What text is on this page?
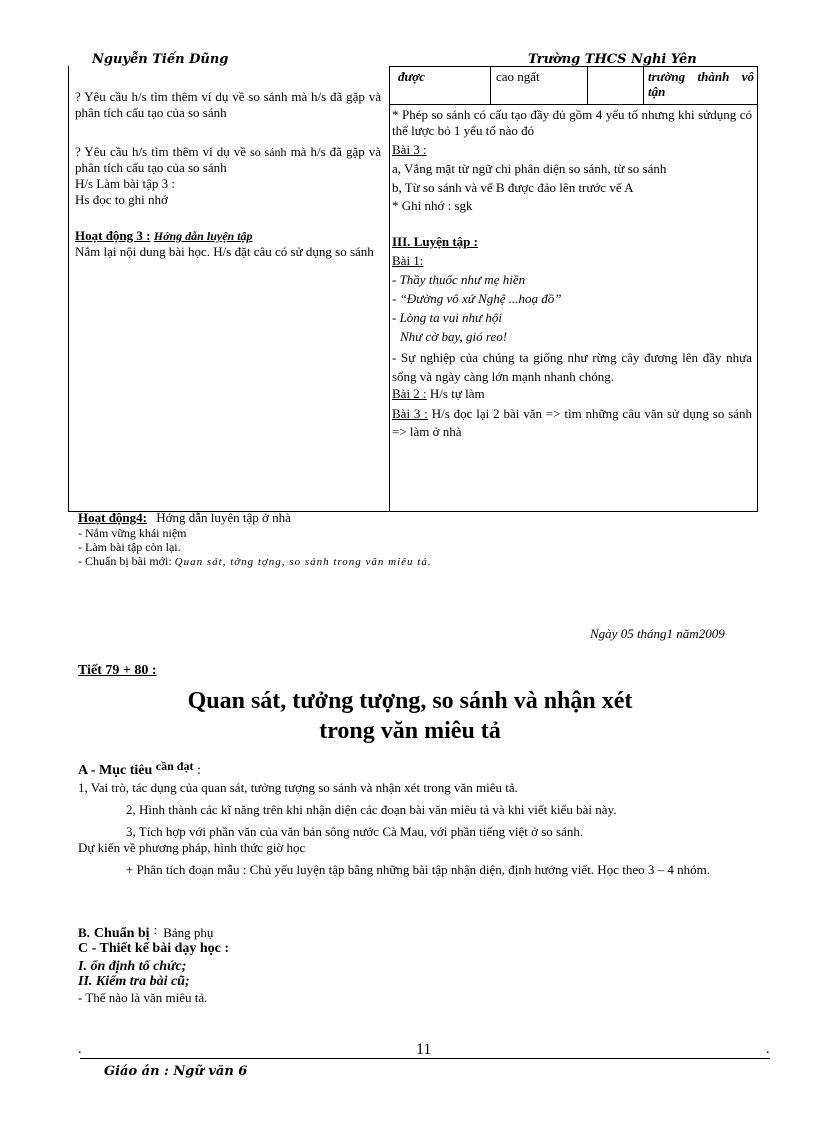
Nguyễn Tiến Dũng	Trường THCS Nghi Yên
được	cao ngất	trường thành vô tận

? Yêu cầu h/s tìm thêm ví dụ về so sánh mà h/s đã gặp và phân tích cấu tạo của so sánh

? Yêu cầu h/s tìm thêm ví dụ về so sánh mà h/s đã gặp và phân tích cấu tạo của so sánh

H/s Làm bài tập 3 :

Hs đọc to ghi nhớ

Hoạt động 3 : Hớng dẫn luyện tập

Nắm lại nội dung bài học. H/s đặt câu có sử dụng so sánh

* Phép so sánh có cấu tạo đầy đủ gồm 4 yếu tố nhưng khi sửdụng có thể lược bỏ 1 yếu tố nào đó

Bài 3 :

a, Vắng mặt từ ngữ chỉ phân diện so sánh, từ so sánh

b, Từ so sánh và vế B được đảo lên trước vế A

* Ghi nhớ : sgk

III. Luyện tập :

Bài 1:

- Thầy thuốc như mẹ hiền

- “Đường vô xứ Nghệ ...hoạ đồ”

- Lòng ta vui như hội

Như cờ bay, gió reo!

- Sự nghiệp của chúng ta giống như rừng cây đương lên đầy nhựa sống và ngày càng lớn mạnh nhanh chóng.

Bài 2 : H/s tự làm

Bài 3 : H/s đọc lại 2 bài văn => tìm những câu văn sử dụng so sánh => làm ở nhà

Hoạt động4: Hớng dẫn luyện tập ở nhà

- Nắm vững khái niệm

- Làm bài tập còn lại.

- Chuẩn bị bài mới: Quan sát, tởng tợng, so sánh trong văn miêu tả.

Ngày 05 tháng1 năm2009
Tiết 79 + 80 :
Quan sát, tưởng tượng, so sánh và nhận xét
trong văn miêu tả

A - Mục tiêu cần đạt :

1, Vai trò, tác dụng của quan sát, tưởng tượng so sánh và nhận xét trong văn miêu tả.

2, Hình thành các kĩ năng trên khi nhận diện các đoạn bài văn miêu tả và khi viết kiểu bài này.

3, Tích hợp với phần văn của văn bản sông nước Cà Mau, với phần tiếng việt ở so sánh.

Dự kiến về phương pháp, hình thức giờ học

+ Phân tích đoạn mẫu : Chủ yếu luyện tập bằng những bài tập nhận diện, định hướng viết. Học theo 3 – 4 nhóm.

B. Chuẩn bị : Bảng phụ
C - Thiết kế bài dạy học :
I. ổn định tổ chức;
II. Kiểm tra bài cũ;
- Thế nào là văn miêu tả.
.	11	.
Giáo án : Ngữ văn 6
